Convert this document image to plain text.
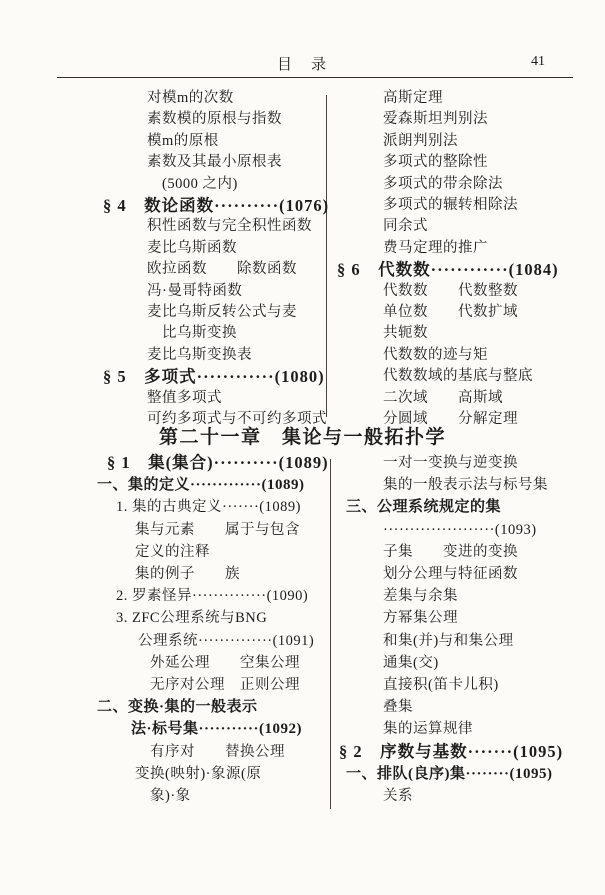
目　录	41
对模m的次数
素数模的原根与指数
模m的原根
素数及其最小原根表
(5000 之内)
§ 4　数论函数··········(1076)
积性函数与完全积性函数
麦比乌斯函数
欧拉函数　　除数函数
冯·曼哥特函数
麦比乌斯反转公式与麦
比乌斯变换
麦比乌斯变换表
§ 5　多项式············(1080)
整值多项式
可约多项式与不可约多项式
高斯定理
爱森斯坦判别法
派朗判别法
多项式的整除性
多项式的带余除法
多项式的辗转相除法
同余式
费马定理的推广
§ 6　代数数············(1084)
代数数　　代数整数
单位数　　代数扩域
共轭数
代数数的迹与矩
代数数域的基底与整底
二次域　　高斯域
分圆域　　分解定理
第二十一章　集论与一般拓扑学
§ 1　集(集合)··········(1089)
一、集的定义·············(1089)
1. 集的古典定义·······(1089)
集与元素　　属于与包含
定义的注释
集的例子　　族
2. 罗素怪异··············(1090)
3. ZFC公理系统与BNG
公理系统··············(1091)
外延公理　　空集公理
无序对公理　正则公理
二、变换·集的一般表示
法·标号集···········(1092)
有序对　　替换公理
变换(映射)·象源(原
象)·象
一对一变换与逆变换
集的一般表示法与标号集
三、公理系统规定的集
·····················(1093)
子集　　变进的变换
划分公理与特征函数
差集与余集
方幂集公理
和集(并)与和集公理
通集(交)
直接积(笛卡儿积)
叠集
集的运算规律
§ 2　序数与基数·······(1095)
一、排队(良序)集········(1095)
关系
